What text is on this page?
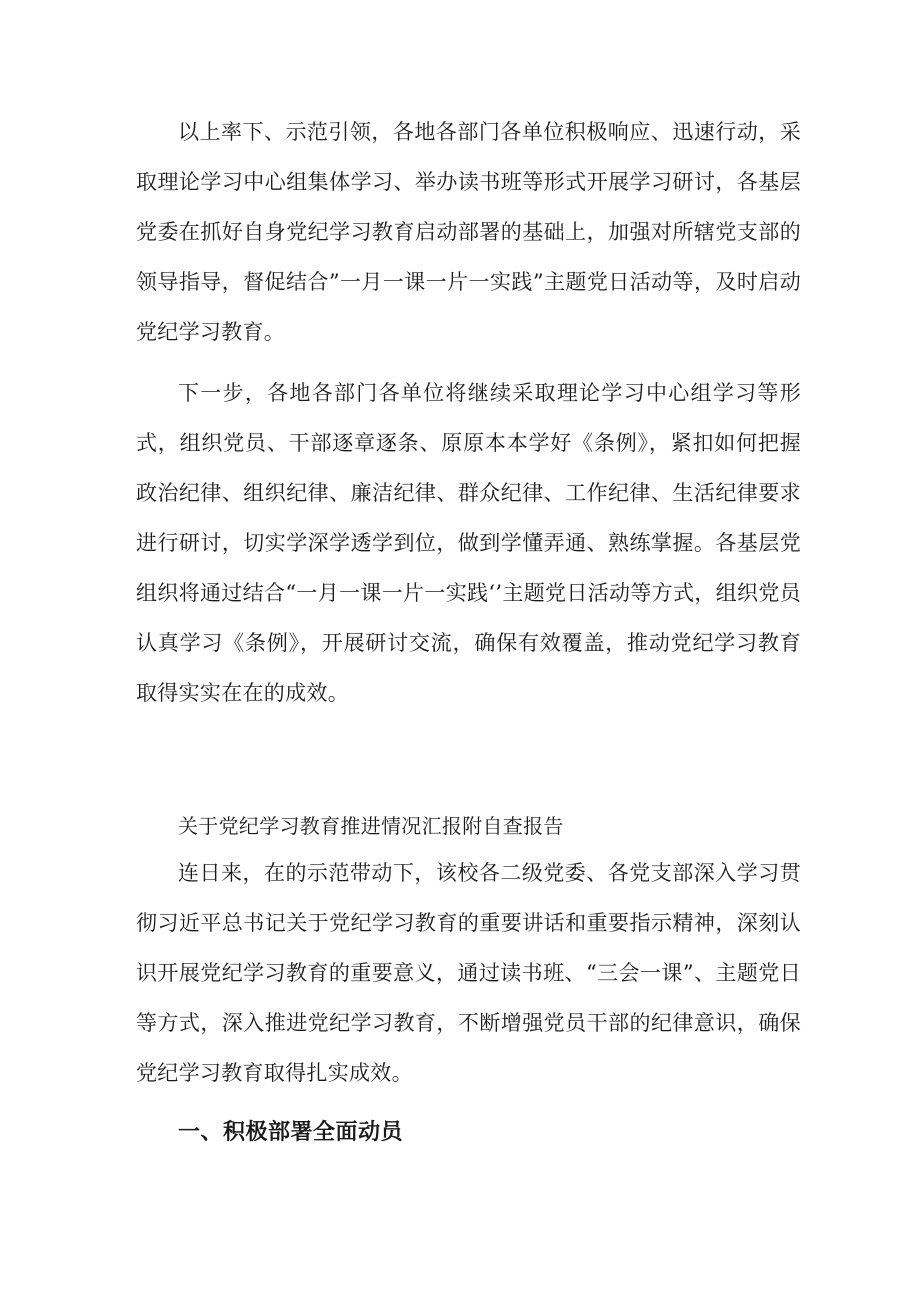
以上率下、示范引领，各地各部门各单位积极响应、迅速行动，采取理论学习中心组集体学习、举办读书班等形式开展学习研讨，各基层党委在抓好自身党纪学习教育启动部署的基础上，加强对所辖党支部的领导指导，督促结合”一月一课一片一实践”主题党日活动等，及时启动党纪学习教育。

下一步，各地各部门各单位将继续采取理论学习中心组学习等形式，组织党员、干部逐章逐条、原原本本学好《条例》，紧扣如何把握政治纪律、组织纪律、廉洁纪律、群众纪律、工作纪律、生活纪律要求进行研讨，切实学深学透学到位，做到学懂弄通、熟练掌握。各基层党组织将通过结合“一月一课一片一实践‘’主题党日活动等方式，组织党员认真学习《条例》，开展研讨交流，确保有效覆盖，推动党纪学习教育取得实实在在的成效。

关于党纪学习教育推进情况汇报附自查报告

连日来，在的示范带动下，该校各二级党委、各党支部深入学习贯彻习近平总书记关于党纪学习教育的重要讲话和重要指示精神，深刻认识开展党纪学习教育的重要意义，通过读书班、“三会一课”、主题党日等方式，深入推进党纪学习教育，不断增强党员干部的纪律意识，确保党纪学习教育取得扎实成效。

一、积极部署全面动员
